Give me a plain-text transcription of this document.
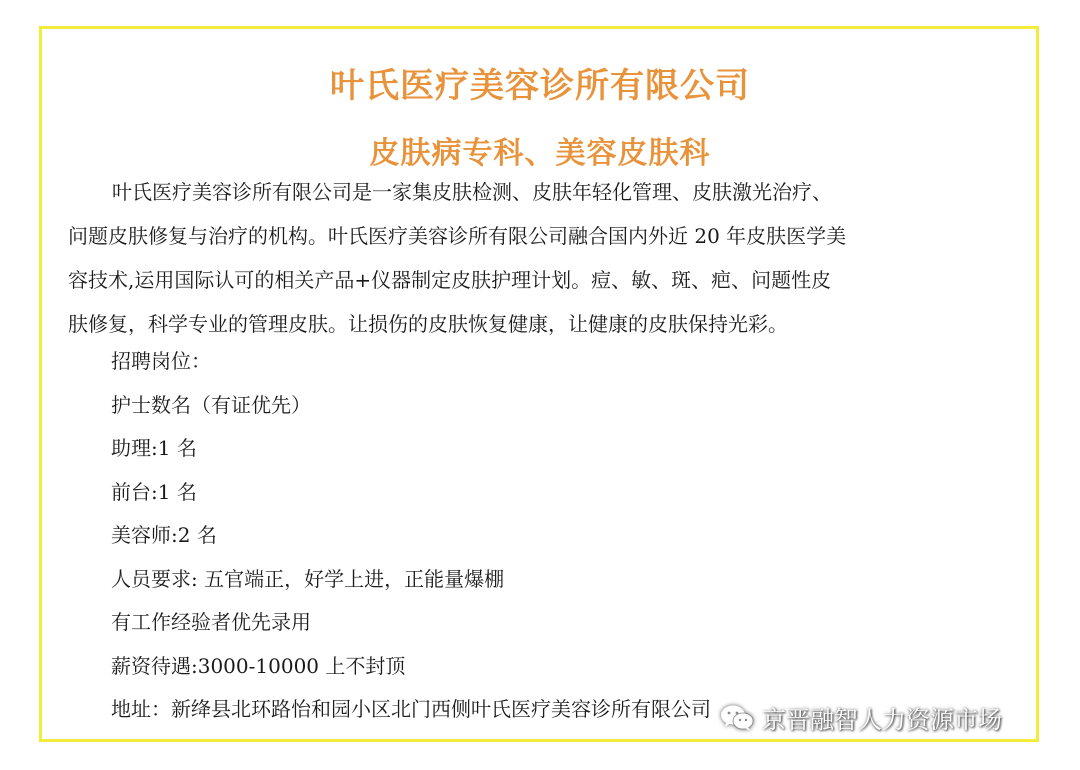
叶氏医疗美容诊所有限公司
皮肤病专科、美容皮肤科
叶氏医疗美容诊所有限公司是一家集皮肤检测、皮肤年轻化管理、皮肤激光治疗、
问题皮肤修复与治疗的机构。叶氏医疗美容诊所有限公司融合国内外近 20 年皮肤医学美
容技术,运用国际认可的相关产品+仪器制定皮肤护理计划。痘、敏、斑、疤、问题性皮
肤修复，科学专业的管理皮肤。让损伤的皮肤恢复健康，让健康的皮肤保持光彩。
招聘岗位：
护士数名（有证优先）
助理:1 名
前台:1 名
美容师:2 名
人员要求: 五官端正，好学上进，正能量爆棚
有工作经验者优先录用
薪资待遇:3000-10000 上不封顶
地址：新绛县北环路怡和园小区北门西侧叶氏医疗美容诊所有限公司 京晋融智人力资源市场
